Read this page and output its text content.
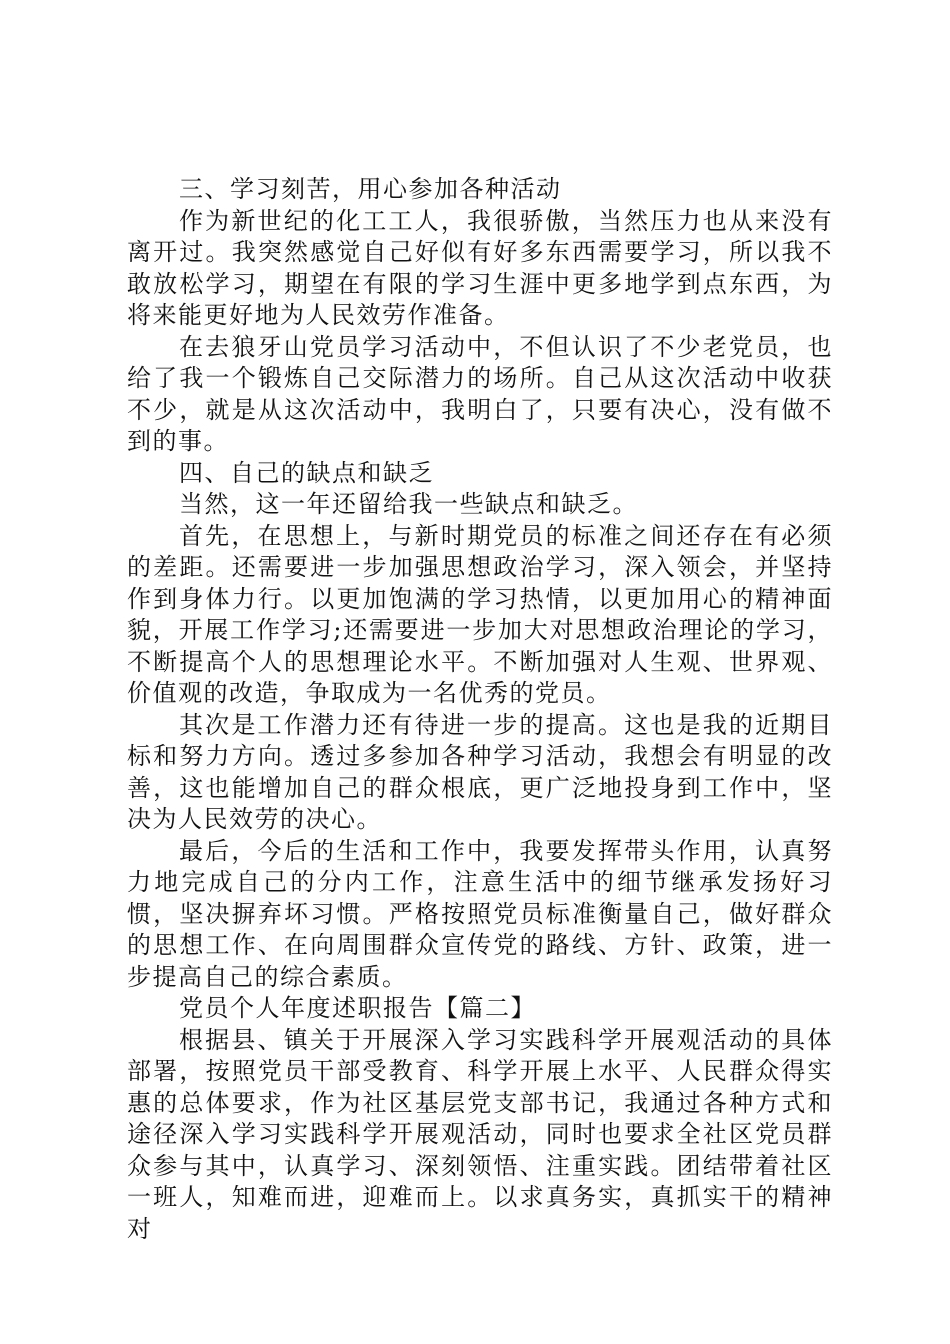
三、学习刻苦，用心参加各种活动

作为新世纪的化工工人，我很骄傲，当然压力也从来没有离开过。我突然感觉自己好似有好多东西需要学习，所以我不敢放松学习，期望在有限的学习生涯中更多地学到点东西，为将来能更好地为人民效劳作准备。

在去狼牙山党员学习活动中，不但认识了不少老党员，也给了我一个锻炼自己交际潜力的场所。自己从这次活动中收获不少，就是从这次活动中，我明白了，只要有决心，没有做不到的事。

四、自己的缺点和缺乏

当然，这一年还留给我一些缺点和缺乏。

首先，在思想上，与新时期党员的标准之间还存在有必须的差距。还需要进一步加强思想政治学习，深入领会，并坚持作到身体力行。以更加饱满的学习热情，以更加用心的精神面貌，开展工作学习;还需要进一步加大对思想政治理论的学习，不断提高个人的思想理论水平。不断加强对人生观、世界观、价值观的改造，争取成为一名优秀的党员。

其次是工作潜力还有待进一步的提高。这也是我的近期目标和努力方向。透过多参加各种学习活动，我想会有明显的改善，这也能增加自己的群众根底，更广泛地投身到工作中，坚决为人民效劳的决心。

最后，今后的生活和工作中，我要发挥带头作用，认真努力地完成自己的分内工作，注意生活中的细节继承发扬好习惯，坚决摒弃坏习惯。严格按照党员标准衡量自己，做好群众的思想工作、在向周围群众宣传党的路线、方针、政策，进一步提高自己的综合素质。

党员个人年度述职报告【篇二】

根据县、镇关于开展深入学习实践科学开展观活动的具体部署，按照党员干部受教育、科学开展上水平、人民群众得实惠的总体要求，作为社区基层党支部书记，我通过各种方式和途径深入学习实践科学开展观活动，同时也要求全社区党员群众参与其中，认真学习、深刻领悟、注重实践。团结带着社区一班人，知难而进，迎难而上。以求真务实，真抓实干的精神对
